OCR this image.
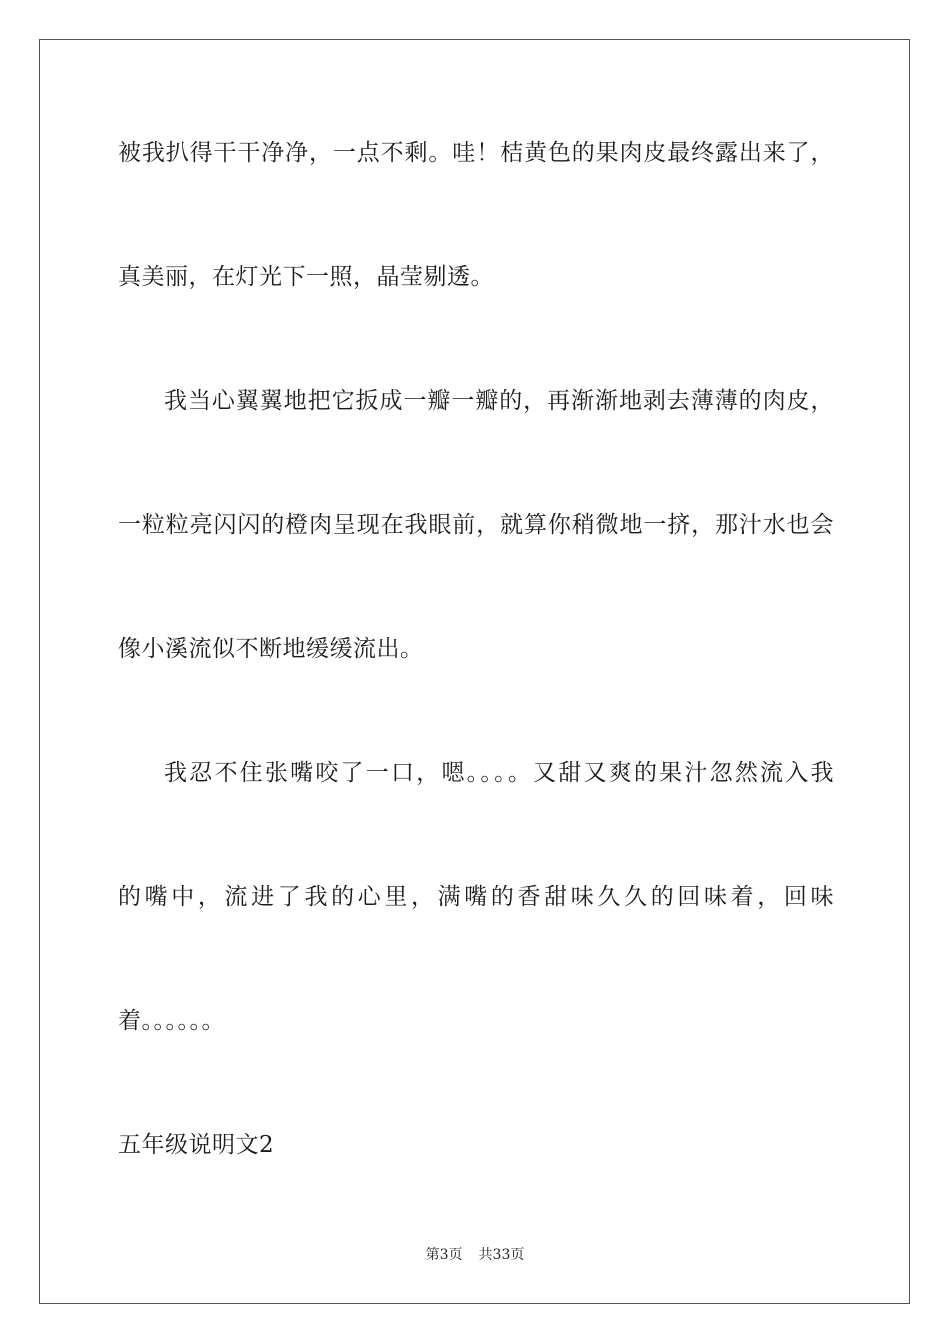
被我扒得干干净净，一点不剩。哇！桔黄色的果肉皮最终露出来了，
真美丽，在灯光下一照，晶莹剔透。
我当心翼翼地把它扳成一瓣一瓣的，再渐渐地剥去薄薄的肉皮，
一粒粒亮闪闪的橙肉呈现在我眼前，就算你稍微地一挤，那汁水也会
像小溪流似不断地缓缓流出。
我忍不住张嘴咬了一口，嗯。。。。又甜又爽的果汁忽然流入我
的嘴中，流进了我的心里，满嘴的香甜味久久的回味着，回味
着。。。。。。
五年级说明文2
第3页 共33页
